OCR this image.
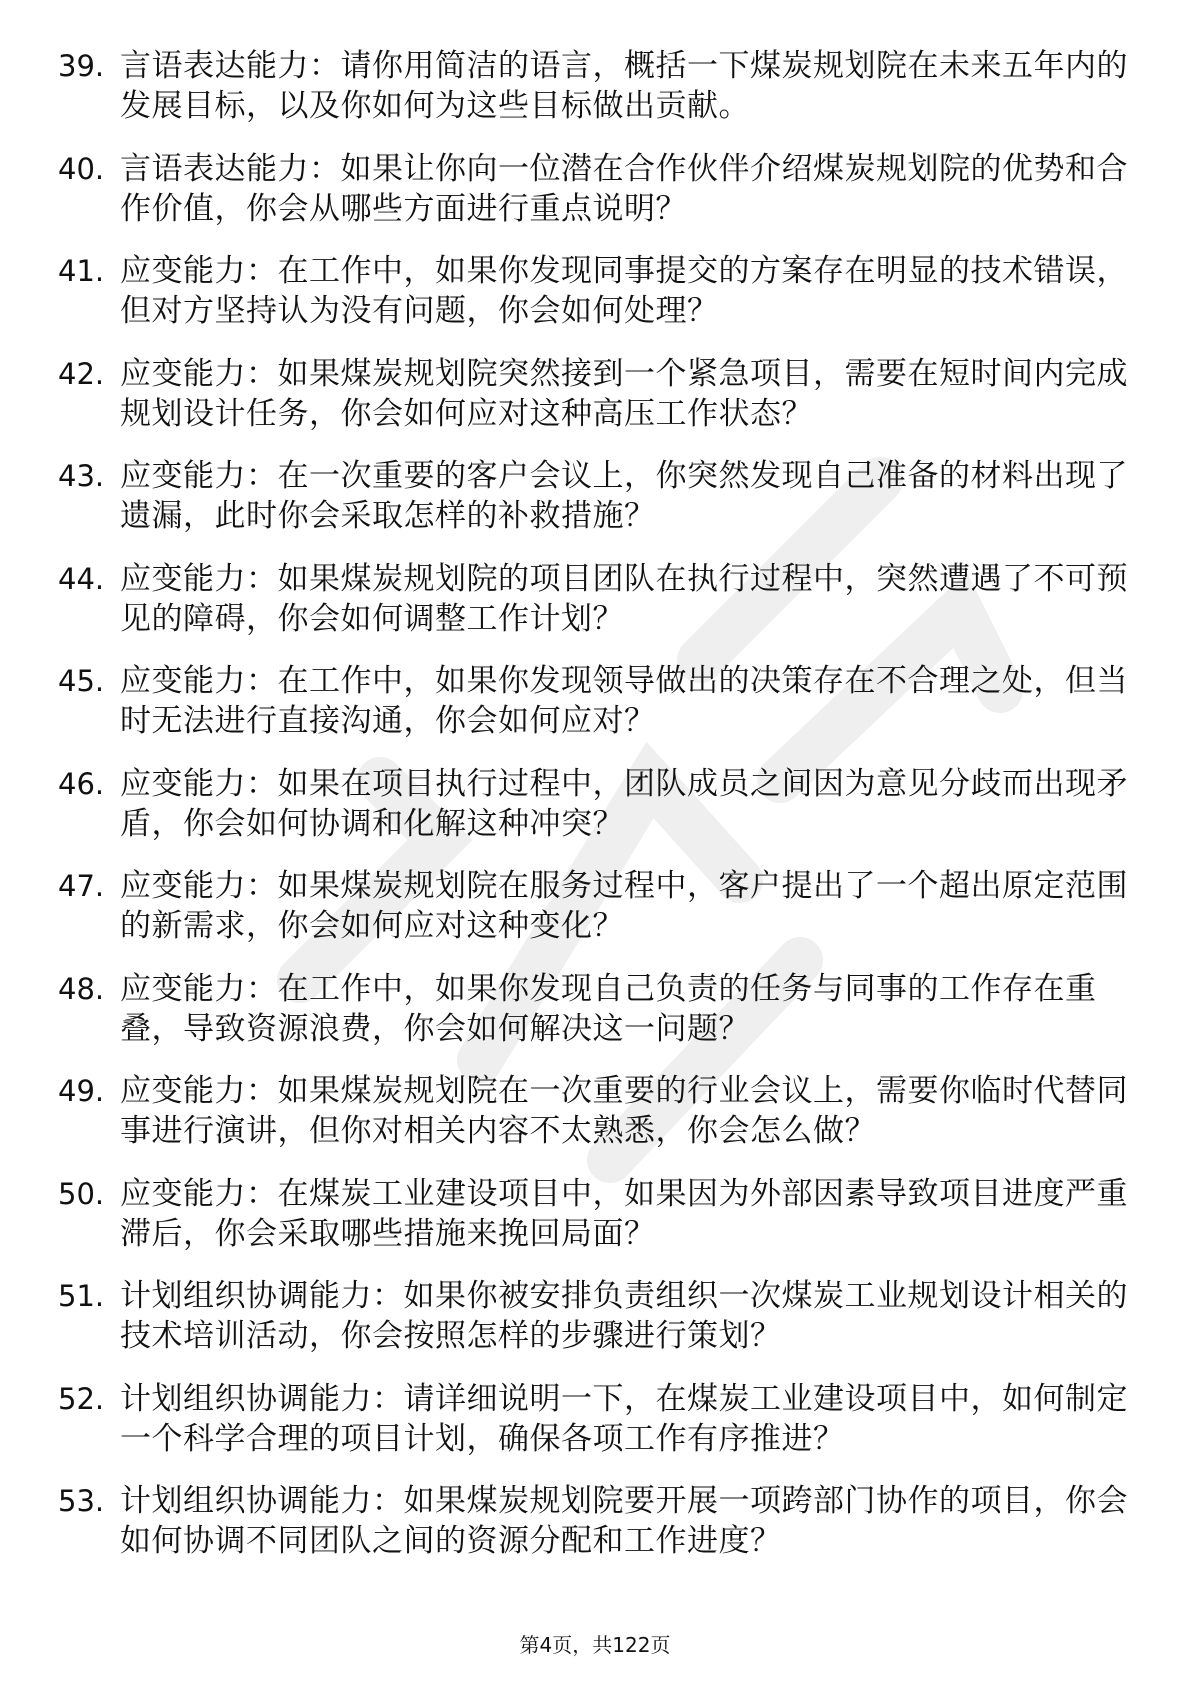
39. 言语表达能力：请你用简洁的语言，概括一下煤炭规划院在未来五年内的发展目标，以及你如何为这些目标做出贡献。
40. 言语表达能力：如果让你向一位潜在合作伙伴介绍煤炭规划院的优势和合作价值，你会从哪些方面进行重点说明？
41. 应变能力：在工作中，如果你发现同事提交的方案存在明显的技术错误，但对方坚持认为没有问题，你会如何处理？
42. 应变能力：如果煤炭规划院突然接到一个紧急项目，需要在短时间内完成规划设计任务，你会如何应对这种高压工作状态？
43. 应变能力：在一次重要的客户会议上，你突然发现自己准备的材料出现了遗漏，此时你会采取怎样的补救措施？
44. 应变能力：如果煤炭规划院的项目团队在执行过程中，突然遭遇了不可预见的障碍，你会如何调整工作计划？
45. 应变能力：在工作中，如果你发现领导做出的决策存在不合理之处，但当时无法进行直接沟通，你会如何应对？
46. 应变能力：如果在项目执行过程中，团队成员之间因为意见分歧而出现矛盾，你会如何协调和化解这种冲突？
47. 应变能力：如果煤炭规划院在服务过程中，客户提出了一个超出原定范围的新需求，你会如何应对这种变化？
48. 应变能力：在工作中，如果你发现自己负责的任务与同事的工作存在重叠，导致资源浪费，你会如何解决这一问题？
49. 应变能力：如果煤炭规划院在一次重要的行业会议上，需要你临时代替同事进行演讲，但你对相关内容不太熟悉，你会怎么做？
50. 应变能力：在煤炭工业建设项目中，如果因为外部因素导致项目进度严重滞后，你会采取哪些措施来挽回局面？
51. 计划组织协调能力：如果你被安排负责组织一次煤炭工业规划设计相关的技术培训活动，你会按照怎样的步骤进行策划？
52. 计划组织协调能力：请详细说明一下，在煤炭工业建设项目中，如何制定一个科学合理的项目计划，确保各项工作有序推进？
53. 计划组织协调能力：如果煤炭规划院要开展一项跨部门协作的项目，你会如何协调不同团队之间的资源分配和工作进度？
第4页，共122页
